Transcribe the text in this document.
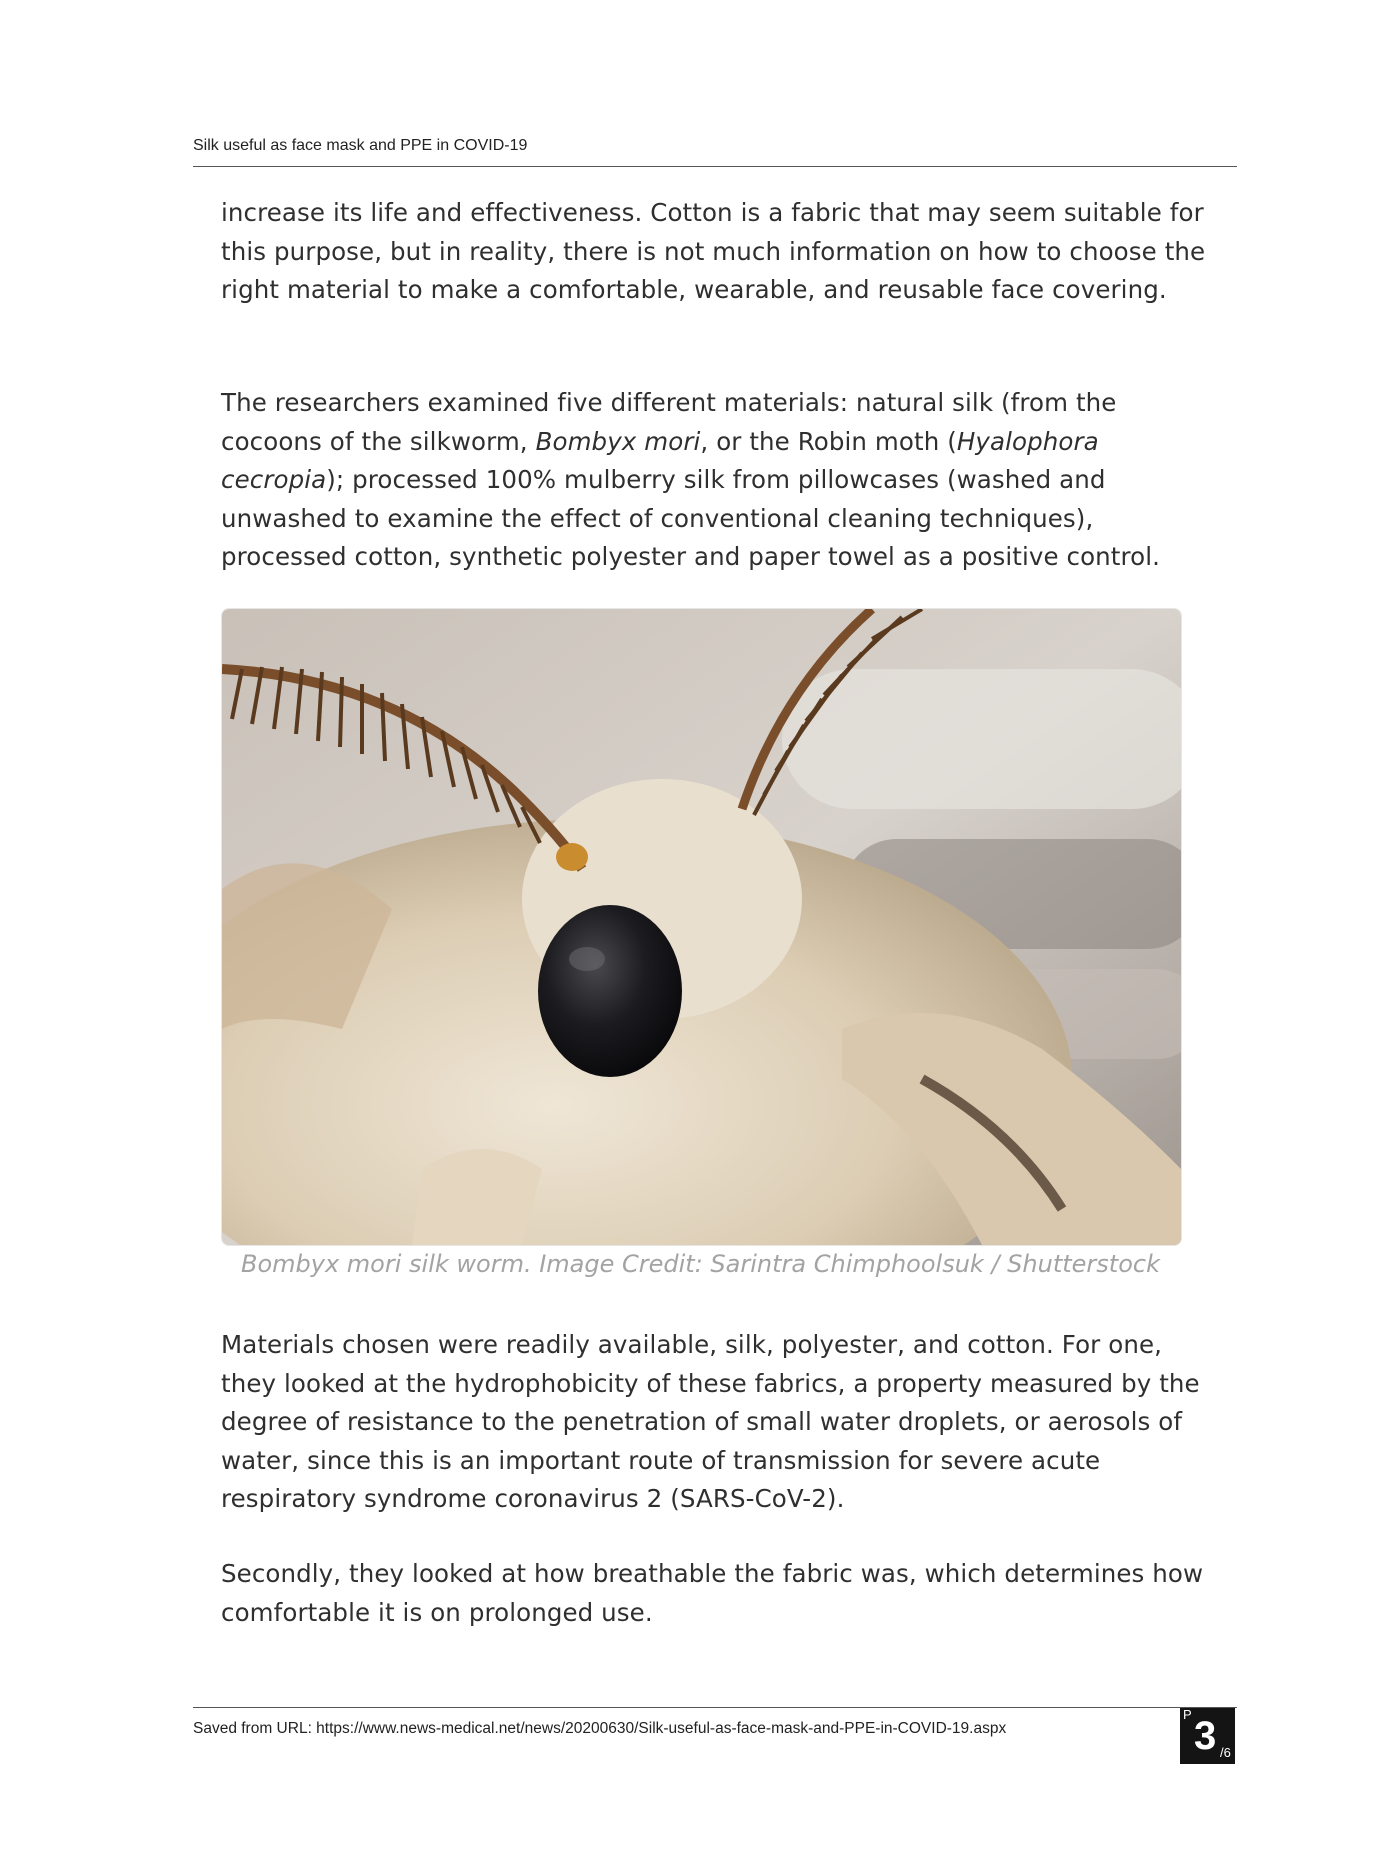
Silk useful as face mask and PPE in COVID-19

increase its life and effectiveness. Cotton is a fabric that may seem suitable for this purpose, but in reality, there is not much information on how to choose the right material to make a comfortable, wearable, and reusable face covering.

The researchers examined five different materials: natural silk (from the cocoons of the silkworm, Bombyx mori, or the Robin moth (Hyalophora cecropia); processed 100% mulberry silk from pillowcases (washed and unwashed to examine the effect of conventional cleaning techniques), processed cotton, synthetic polyester and paper towel as a positive control.

Bombyx mori silk worm. Image Credit: Sarintra Chimphoolsuk / Shutterstock

Materials chosen were readily available, silk, polyester, and cotton. For one, they looked at the hydrophobicity of these fabrics, a property measured by the degree of resistance to the penetration of small water droplets, or aerosols of water, since this is an important route of transmission for severe acute respiratory syndrome coronavirus 2 (SARS-CoV-2).

Secondly, they looked at how breathable the fabric was, which determines how comfortable it is on prolonged use.

Saved from URL: https://www.news-medical.net/news/20200630/Silk-useful-as-face-mask-and-PPE-in-COVID-19.aspx
P 3 /6
